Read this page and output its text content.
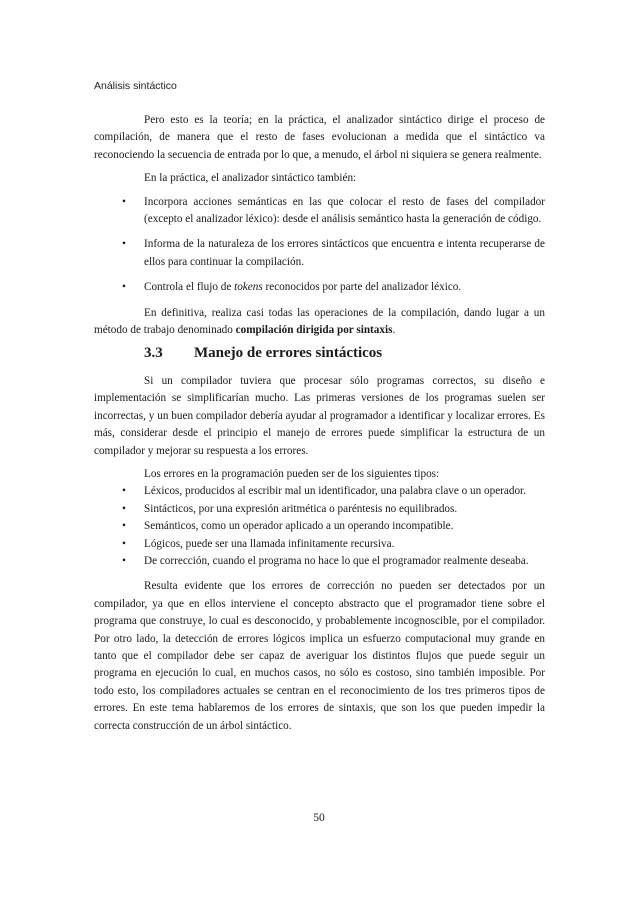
Análisis sintáctico

Pero esto es la teoría; en la práctica, el analizador sintáctico dirige el proceso de compilación, de manera que el resto de fases evolucionan a medida que el sintáctico va reconociendo la secuencia de entrada por lo que, a menudo, el árbol ni siquiera se genera realmente.

En la práctica, el analizador sintáctico también:

• Incorpora acciones semánticas en las que colocar el resto de fases del compilador (excepto el analizador léxico): desde el análisis semántico hasta la generación de código.
• Informa de la naturaleza de los errores sintácticos que encuentra e intenta recuperarse de ellos para continuar la compilación.
• Controla el flujo de tokens reconocidos por parte del analizador léxico.

En definitiva, realiza casi todas las operaciones de la compilación, dando lugar a un método de trabajo denominado compilación dirigida por sintaxis.

3.3 Manejo de errores sintácticos

Si un compilador tuviera que procesar sólo programas correctos, su diseño e implementación se simplificarían mucho. Las primeras versiones de los programas suelen ser incorrectas, y un buen compilador debería ayudar al programador a identificar y localizar errores. Es más, considerar desde el principio el manejo de errores puede simplificar la estructura de un compilador y mejorar su respuesta a los errores.

Los errores en la programación pueden ser de los siguientes tipos:

• Léxicos, producidos al escribir mal un identificador, una palabra clave o un operador.
• Sintácticos, por una expresión aritmética o paréntesis no equilibrados.
• Semánticos, como un operador aplicado a un operando incompatible.
• Lógicos, puede ser una llamada infinitamente recursiva.
• De corrección, cuando el programa no hace lo que el programador realmente deseaba.

Resulta evidente que los errores de corrección no pueden ser detectados por un compilador, ya que en ellos interviene el concepto abstracto que el programador tiene sobre el programa que construye, lo cual es desconocido, y probablemente incognoscible, por el compilador. Por otro lado, la detección de errores lógicos implica un esfuerzo computacional muy grande en tanto que el compilador debe ser capaz de averiguar los distintos flujos que puede seguir un programa en ejecución lo cual, en muchos casos, no sólo es costoso, sino también imposible. Por todo esto, los compiladores actuales se centran en el reconocimiento de los tres primeros tipos de errores. En este tema hablaremos de los errores de sintaxis, que son los que pueden impedir la correcta construcción de un árbol sintáctico.

50
